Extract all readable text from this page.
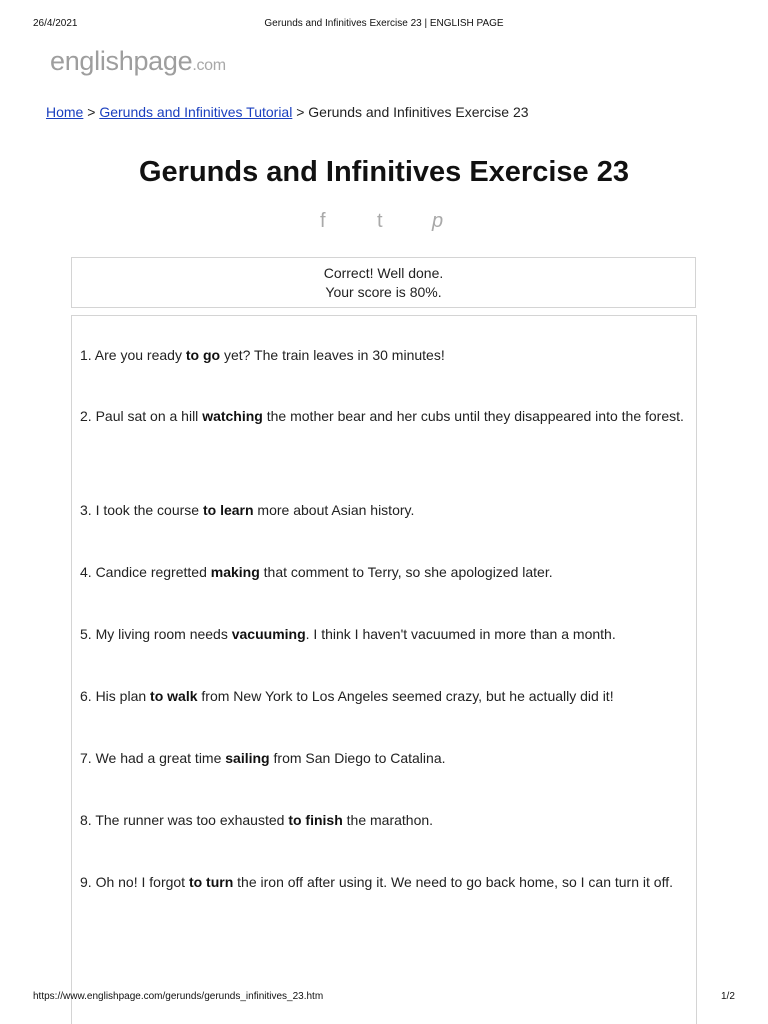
26/4/2021	Gerunds and Infinitives Exercise 23 | ENGLISH PAGE
englishpage.com
Home > Gerunds and Infinitives Tutorial > Gerunds and Infinitives Exercise 23
Gerunds and Infinitives Exercise 23
f	t p
Correct! Well done.
Your score is 80%.
1. Are you ready to go yet? The train leaves in 30 minutes!
2. Paul sat on a hill watching the mother bear and her cubs until they disappeared into the forest.
3. I took the course to learn more about Asian history.
4. Candice regretted making that comment to Terry, so she apologized later.
5. My living room needs vacuuming. I think I haven't vacuumed in more than a month.
6. His plan to walk from New York to Los Angeles seemed crazy, but he actually did it!
7. We had a great time sailing from San Diego to Catalina.
8. The runner was too exhausted to finish the marathon.
9. Oh no! I forgot to turn the iron off after using it. We need to go back home, so I can turn it off.
https://www.englishpage.com/gerunds/gerunds_infinitives_23.htm	1/2
